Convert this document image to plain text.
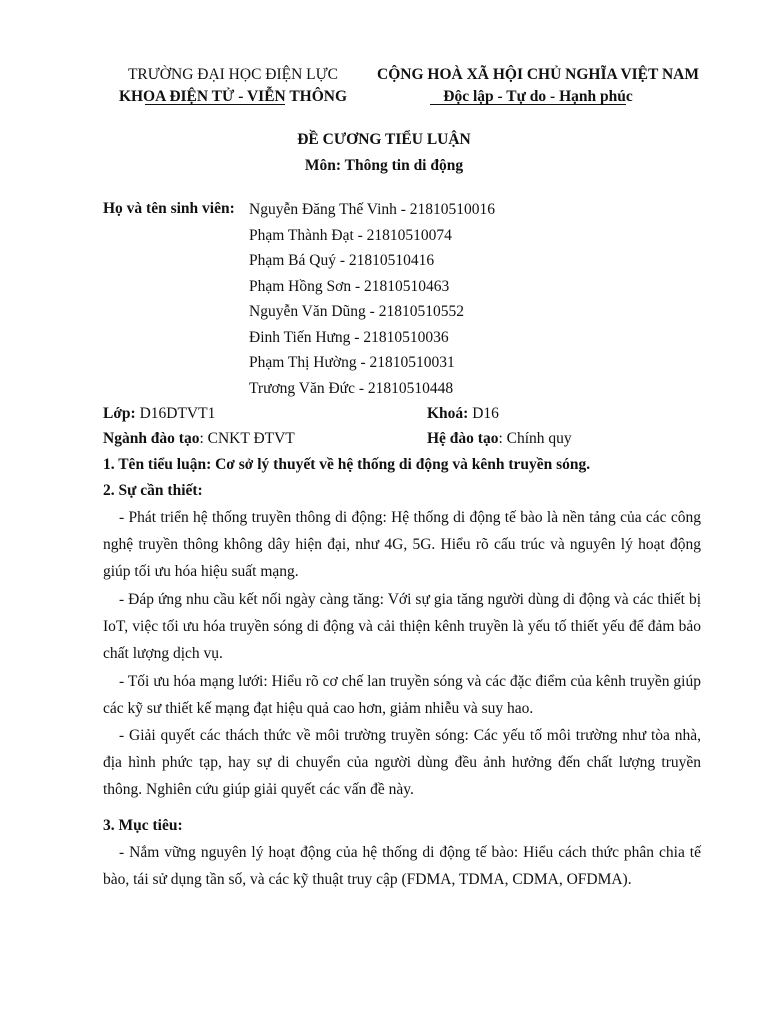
TRƯỜNG ĐẠI HỌC ĐIỆN LỰC
KHOA ĐIỆN TỬ - VIỄN THÔNG
CỘNG HOÀ XÃ HỘI CHỦ NGHĨA VIỆT NAM
Độc lập - Tự do - Hạnh phúc
ĐỀ CƯƠNG TIỂU LUẬN
Môn: Thông tin di động
Họ và tên sinh viên: Nguyễn Đăng Thế Vinh - 21810510016
Phạm Thành Đạt - 21810510074
Phạm Bá Quý - 21810510416
Phạm Hồng Sơn - 21810510463
Nguyễn Văn Dũng - 21810510552
Đinh Tiến Hưng - 21810510036
Phạm Thị Hường - 21810510031
Trương Văn Đức - 21810510448
Lớp: D16DTVT1	Khoá: D16
Ngành đào tạo: CNKT ĐTVT	Hệ đào tạo: Chính quy
1. Tên tiểu luận: Cơ sở lý thuyết về hệ thống di động và kênh truyền sóng.
2. Sự cần thiết:

- Phát triển hệ thống truyền thông di động: Hệ thống di động tế bào là nền tảng của các công nghệ truyền thông không dây hiện đại, như 4G, 5G. Hiểu rõ cấu trúc và nguyên lý hoạt động giúp tối ưu hóa hiệu suất mạng.

- Đáp ứng nhu cầu kết nối ngày càng tăng: Với sự gia tăng người dùng di động và các thiết bị IoT, việc tối ưu hóa truyền sóng di động và cải thiện kênh truyền là yếu tố thiết yếu để đảm bảo chất lượng dịch vụ.

- Tối ưu hóa mạng lưới: Hiểu rõ cơ chế lan truyền sóng và các đặc điểm của kênh truyền giúp các kỹ sư thiết kế mạng đạt hiệu quả cao hơn, giảm nhiễu và suy hao.

- Giải quyết các thách thức về môi trường truyền sóng: Các yếu tố môi trường như tòa nhà, địa hình phức tạp, hay sự di chuyển của người dùng đều ảnh hưởng đến chất lượng truyền thông. Nghiên cứu giúp giải quyết các vấn đề này.

3. Mục tiêu:

- Nắm vững nguyên lý hoạt động của hệ thống di động tế bào: Hiểu cách thức phân chia tế bào, tái sử dụng tần số, và các kỹ thuật truy cập (FDMA, TDMA, CDMA, OFDMA).
